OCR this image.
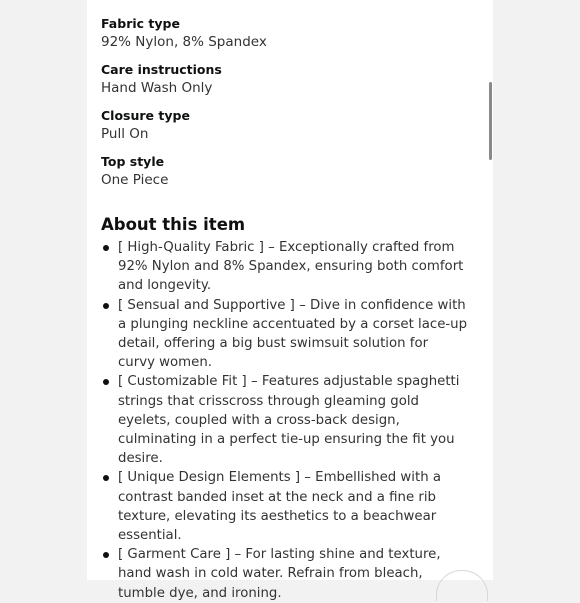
Fabric type

92% Nylon, 8% Spandex

Care instructions

Hand Wash Only

Closure type

Pull On

Top style

One Piece

About this item
[ High-Quality Fabric ] – Exceptionally crafted from 92% Nylon and 8% Spandex, ensuring both comfort and longevity.
[ Sensual and Supportive ] – Dive in confidence with a plunging neckline accentuated by a corset lace-up detail, offering a big bust swimsuit solution for curvy women.
[ Customizable Fit ] – Features adjustable spaghetti strings that crisscross through gleaming gold eyelets, coupled with a cross-back design, culminating in a perfect tie-up ensuring the fit you desire.
[ Unique Design Elements ] – Embellished with a contrast banded inset at the neck and a fine rib texture, elevating its aesthetics to a beachwear essential.
[ Garment Care ] – For lasting shine and texture, hand wash in cold water. Refrain from bleach, tumble dye, and ironing.
